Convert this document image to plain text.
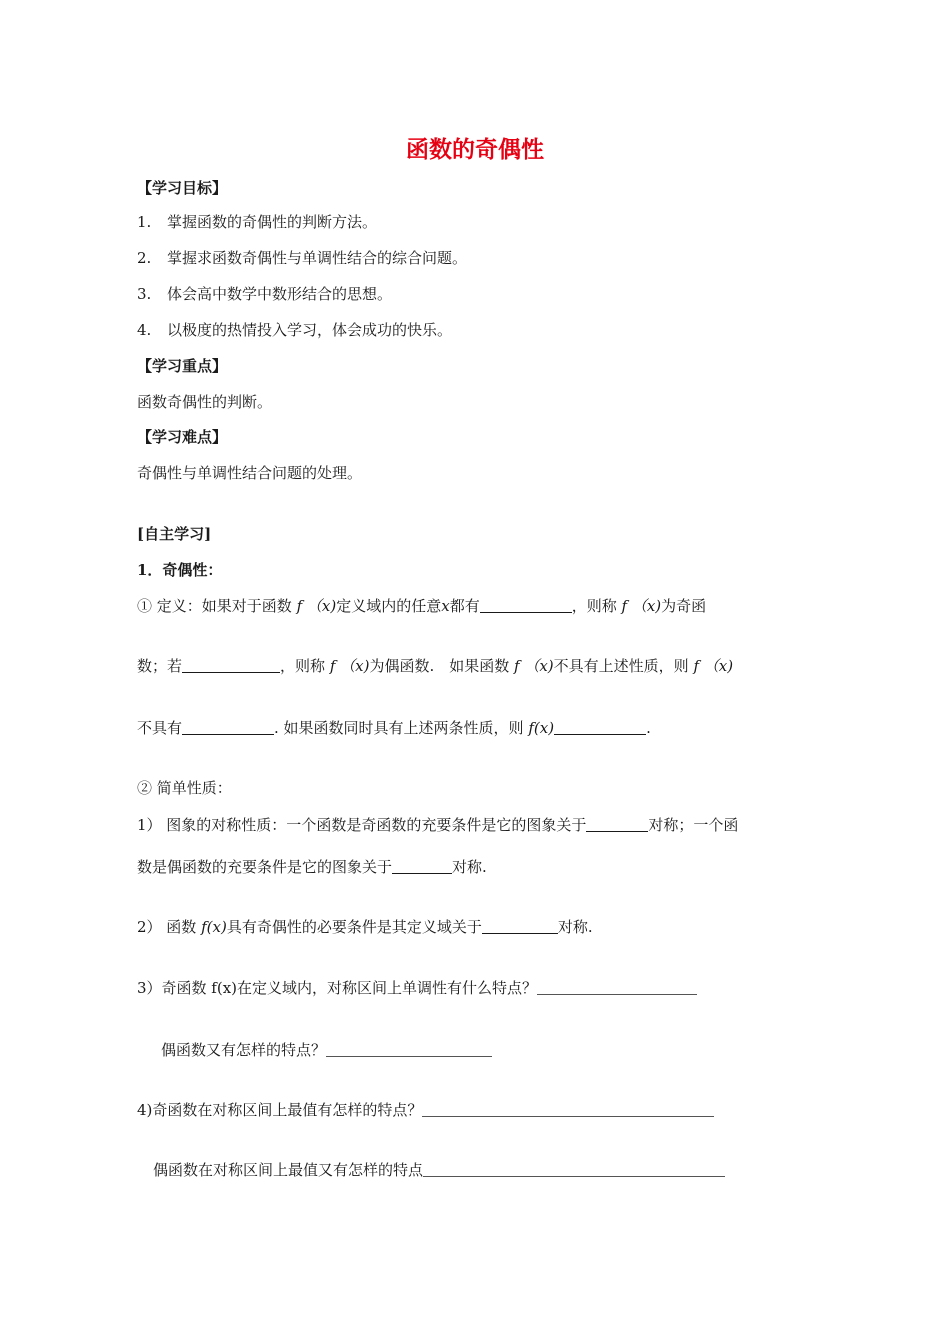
函数的奇偶性
【学习目标】
1. 掌握函数的奇偶性的判断方法。
2. 掌握求函数奇偶性与单调性结合的综合问题。
3. 体会高中数学中数形结合的思想。
4. 以极度的热情投入学习，体会成功的快乐。
【学习重点】
函数奇偶性的判断。
【学习难点】
奇偶性与单调性结合问题的处理。
[自主学习]
1．奇偶性：
① 定义：如果对于函数 f （x)定义域内的任意x都有	，则称 f （x)为奇函
数；若	，则称 f （x)为偶函数.　如果函数 f （x)不具有上述性质，则 f （x)
不具有	. 如果函数同时具有上述两条性质，则 f(x)	.
② 简单性质：
1） 图象的对称性质：一个函数是奇函数的充要条件是它的图象关于	对称；一个函
数是偶函数的充要条件是它的图象关于	对称.
2） 函数 f(x)具有奇偶性的必要条件是其定义域关于	对称.
3）奇函数 f(x)在定义域内，对称区间上单调性有什么特点？
偶函数又有怎样的特点？
4)奇函数在对称区间上最值有怎样的特点？
偶函数在对称区间上最值又有怎样的特点
